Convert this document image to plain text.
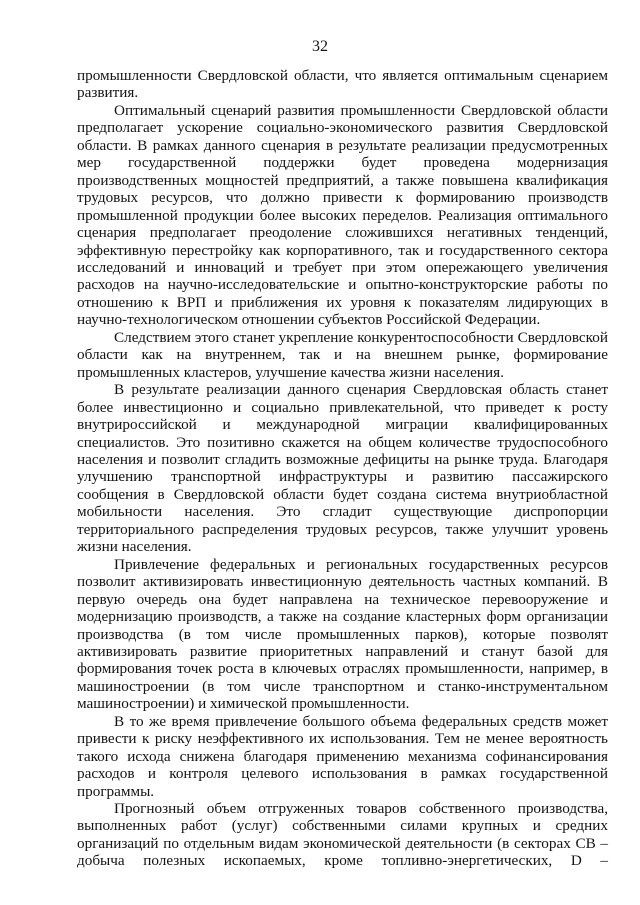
32

промышленности Свердловской области, что является оптимальным сценарием развития.

Оптимальный сценарий развития промышленности Свердловской области предполагает ускорение социально-экономического развития Свердловской области. В рамках данного сценария в результате реализации предусмотренных мер государственной поддержки будет проведена модернизация производственных мощностей предприятий, а также повышена квалификация трудовых ресурсов, что должно привести к формированию производств промышленной продукции более высоких переделов. Реализация оптимального сценария предполагает преодоление сложившихся негативных тенденций, эффективную перестройку как корпоративного, так и государственного сектора исследований и инноваций и требует при этом опережающего увеличения расходов на научно-исследовательские и опытно-конструкторские работы по отношению к ВРП и приближения их уровня к показателям лидирующих в научно-технологическом отношении субъектов Российской Федерации.

Следствием этого станет укрепление конкурентоспособности Свердловской области как на внутреннем, так и на внешнем рынке, формирование промышленных кластеров, улучшение качества жизни населения.

В результате реализации данного сценария Свердловская область станет более инвестиционно и социально привлекательной, что приведет к росту внутрироссийской и международной миграции квалифицированных специалистов. Это позитивно скажется на общем количестве трудоспособного населения и позволит сгладить возможные дефициты на рынке труда. Благодаря улучшению транспортной инфраструктуры и развитию пассажирского сообщения в Свердловской области будет создана система внутриобластной мобильности населения. Это сгладит существующие диспропорции территориального распределения трудовых ресурсов, также улучшит уровень жизни населения.

Привлечение федеральных и региональных государственных ресурсов позволит активизировать инвестиционную деятельность частных компаний. В первую очередь она будет направлена на техническое перевооружение и модернизацию производств, а также на создание кластерных форм организации производства (в том числе промышленных парков), которые позволят активизировать развитие приоритетных направлений и станут базой для формирования точек роста в ключевых отраслях промышленности, например, в машиностроении (в том числе транспортном и станко-инструментальном машиностроении) и химической промышленности.

В то же время привлечение большого объема федеральных средств может привести к риску неэффективного их использования. Тем не менее вероятность такого исхода снижена благодаря применению механизма софинансирования расходов и контроля целевого использования в рамках государственной программы.

Прогнозный объем отгруженных товаров собственного производства, выполненных работ (услуг) собственными силами крупных и средних организаций по отдельным видам экономической деятельности (в секторах СВ – добыча полезных ископаемых, кроме топливно-энергетических, D –
